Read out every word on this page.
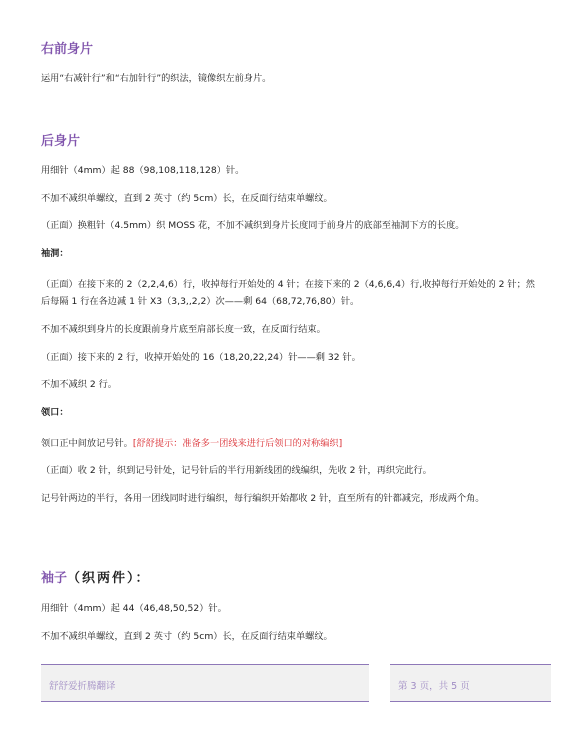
右前身片

运用“右减针行”和“右加针行”的织法，镜像织左前身片。

后身片

用细针（4mm）起 88（98,108,118,128）针。

不加不减织单螺纹，直到 2 英寸（约 5cm）长，在反面行结束单螺纹。

（正面）换粗针（4.5mm）织 MOSS 花，不加不减织到身片长度同于前身片的底部至袖洞下方的长度。

袖洞：

（正面）在接下来的 2（2,2,4,6）行，收掉每行开始处的 4 针；在接下来的 2（4,6,6,4）行,收掉每行开始处的 2 针；然后每隔 1 行在各边减 1 针 X3（3,3,,2,2）次——剩 64（68,72,76,80）针。

不加不减织到身片的长度跟前身片底至肩部长度一致，在反面行结束。

（正面）接下来的 2 行，收掉开始处的 16（18,20,22,24）针——剩 32 针。

不加不减织 2 行。

领口：

领口正中间放记号针。[舒舒提示：准备多一团线来进行后领口的对称编织]

（正面）收 2 针，织到记号针处，记号针后的半行用新线团的线编织，先收 2 针，再织完此行。

记号针两边的半行，各用一团线同时进行编织，每行编织开始都收 2 针，直至所有的针都减完，形成两个角。

袖子（织两件）：

用细针（4mm）起 44（46,48,50,52）针。

不加不减织单螺纹，直到 2 英寸（约 5cm）长，在反面行结束单螺纹。

舒舒爱折腾翻译	第 3 页，共 5 页
